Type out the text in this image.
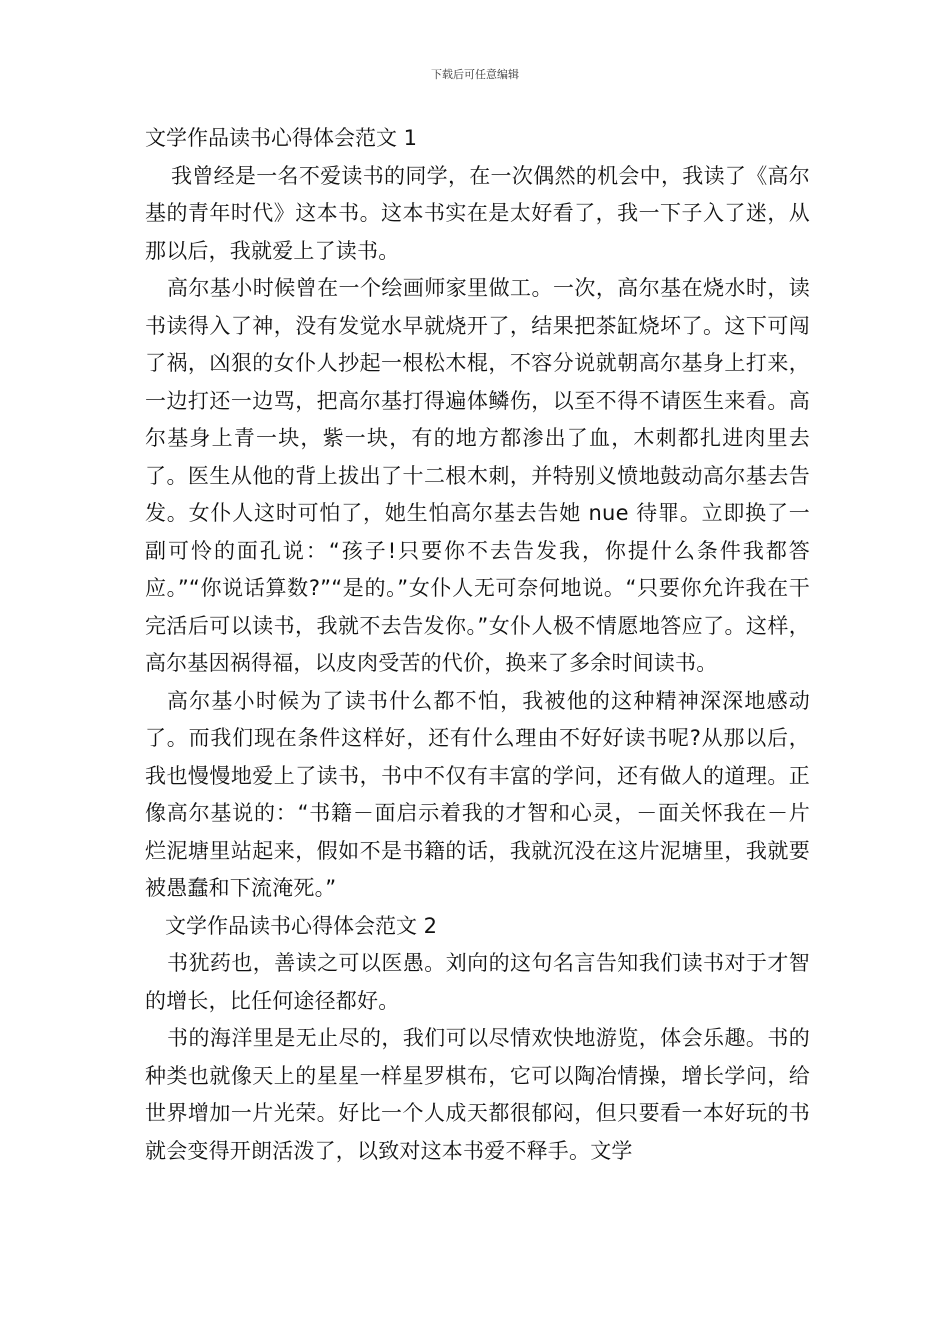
下载后可任意编辑
文学作品读书心得体会范文 1

我曾经是一名不爱读书的同学，在一次偶然的机会中，我读了《高尔基的青年时代》这本书。这本书实在是太好看了，我一下子入了迷，从那以后，我就爱上了读书。

高尔基小时候曾在一个绘画师家里做工。一次，高尔基在烧水时，读书读得入了神，没有发觉水早就烧开了，结果把茶缸烧坏了。这下可闯了祸，凶狠的女仆人抄起一根松木棍，不容分说就朝高尔基身上打来，一边打还一边骂，把高尔基打得遍体鳞伤，以至不得不请医生来看。高尔基身上青一块，紫一块，有的地方都渗出了血，木刺都扎进肉里去了。医生从他的背上拔出了十二根木刺，并特别义愤地鼓动高尔基去告发。女仆人这时可怕了，她生怕高尔基去告她 nue 待罪。立即换了一副可怜的面孔说：“孩子!只要你不去告发我，你提什么条件我都答应。”“你说话算数?”“是的。”女仆人无可奈何地说。“只要你允许我在干完活后可以读书，我就不去告发你。”女仆人极不情愿地答应了。这样，高尔基因祸得福，以皮肉受苦的代价，换来了多余时间读书。

高尔基小时候为了读书什么都不怕，我被他的这种精神深深地感动了。而我们现在条件这样好，还有什么理由不好好读书呢?从那以后，我也慢慢地爱上了读书，书中不仅有丰富的学问，还有做人的道理。正像高尔基说的：“书籍－面启示着我的才智和心灵，－面关怀我在－片烂泥塘里站起来，假如不是书籍的话，我就沉没在这片泥塘里，我就要被愚蠢和下流淹死。”

文学作品读书心得体会范文 2

书犹药也，善读之可以医愚。刘向的这句名言告知我们读书对于才智的增长，比任何途径都好。

书的海洋里是无止尽的，我们可以尽情欢快地游览，体会乐趣。书的种类也就像天上的星星一样星罗棋布，它可以陶冶情操，增长学问，给世界增加一片光荣。好比一个人成天都很郁闷，但只要看一本好玩的书就会变得开朗活泼了，以致对这本书爱不释手。文学
